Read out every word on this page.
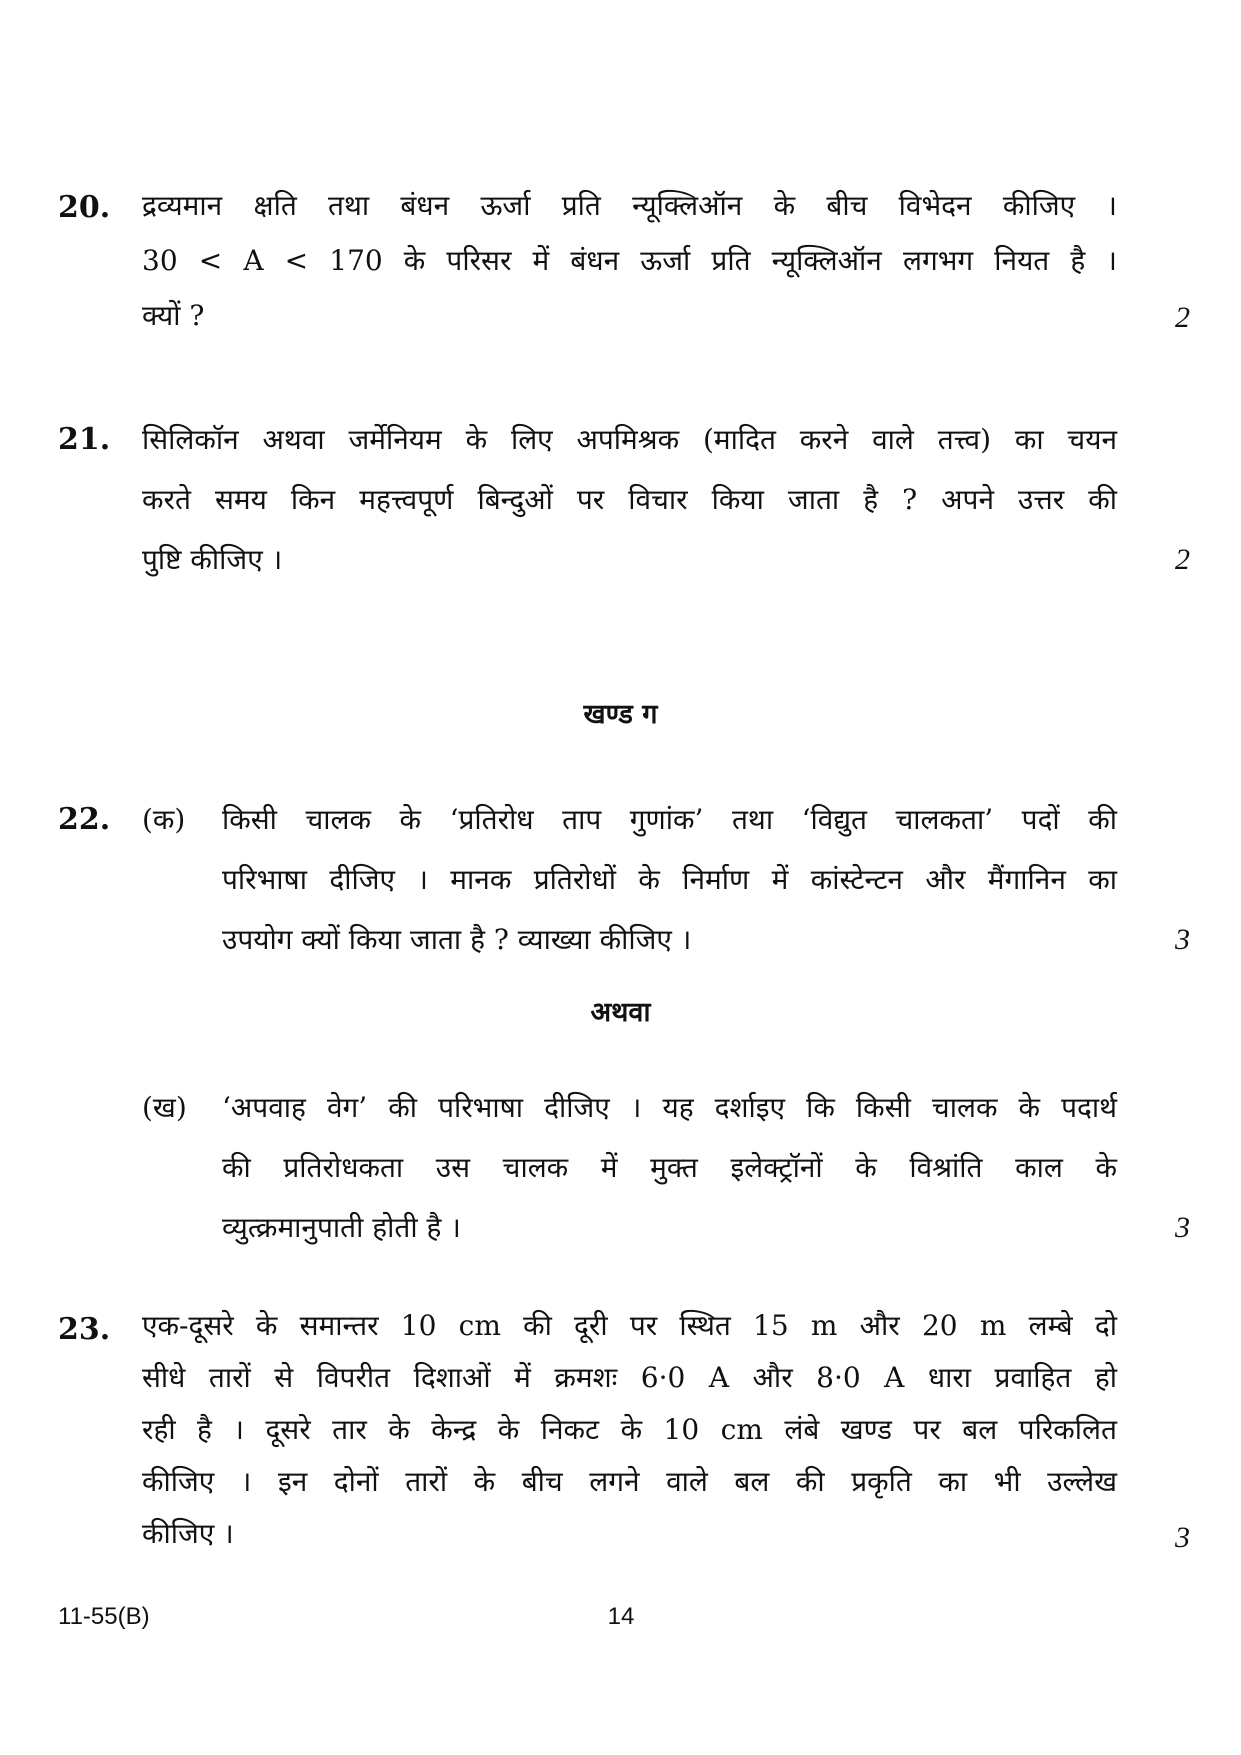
20. द्रव्यमान क्षति तथा बंधन ऊर्जा प्रति न्यूक्लिऑन के बीच विभेदन कीजिए ।
30 < A < 170 के परिसर में बंधन ऊर्जा प्रति न्यूक्लिऑन लगभग नियत है ।
क्यों ?	2
21. सिलिकॉन अथवा जर्मेनियम के लिए अपमिश्रक (मादित करने वाले तत्त्व) का चयन
करते समय किन महत्त्वपूर्ण बिन्दुओं पर विचार किया जाता है ? अपने उत्तर की
पुष्टि कीजिए ।	2
खण्ड ग
22. (क) किसी चालक के ‘प्रतिरोध ताप गुणांक’ तथा ‘विद्युत चालकता’ पदों की
परिभाषा दीजिए । मानक प्रतिरोधों के निर्माण में कांस्टेन्टन और मैंगानिन का
उपयोग क्यों किया जाता है ? व्याख्या कीजिए ।	3
अथवा
(ख) ‘अपवाह वेग’ की परिभाषा दीजिए । यह दर्शाइए कि किसी चालक के पदार्थ
की प्रतिरोधकता उस चालक में मुक्त इलेक्ट्रॉनों के विश्रांति काल के
व्युत्क्रमानुपाती होती है ।	3
23. एक-दूसरे के समान्तर 10 cm की दूरी पर स्थित 15 m और 20 m लम्बे दो
सीधे तारों से विपरीत दिशाओं में क्रमशः 6·0 A और 8·0 A धारा प्रवाहित हो
रही है । दूसरे तार के केन्द्र के निकट के 10 cm लंबे खण्ड पर बल परिकलित
कीजिए । इन दोनों तारों के बीच लगने वाले बल की प्रकृति का भी उल्लेख
कीजिए ।	3
11-55(B)	14
